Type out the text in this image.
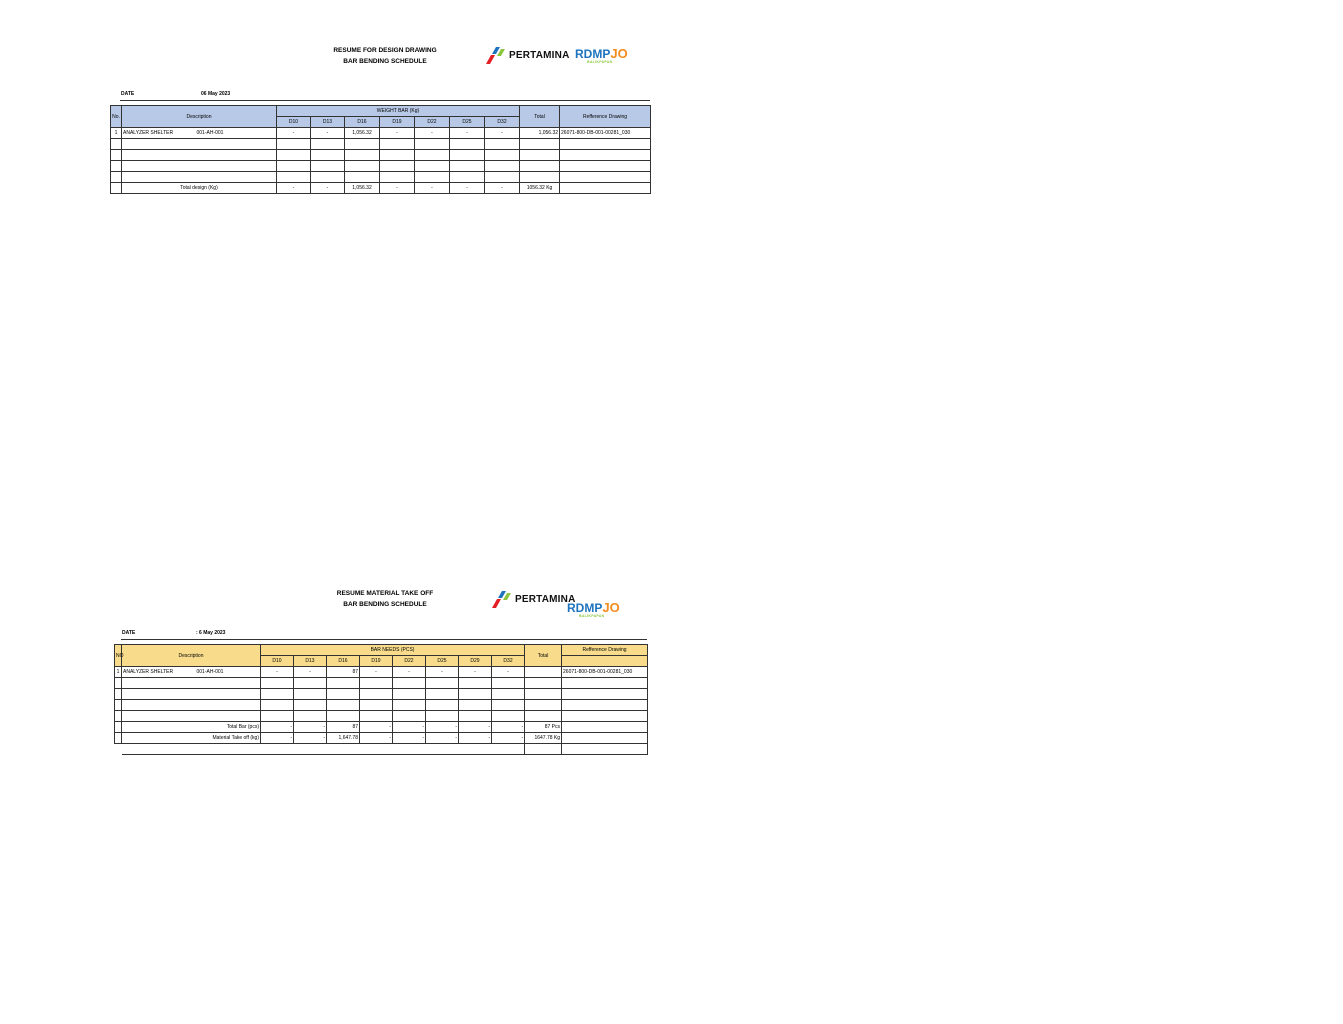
RESUME FOR DESIGN DRAWING
BAR BENDING SCHEDULE
PERTAMINA RDMPJO
BALIKPAPAN
DATE	06 May 2023
No.	Description	WEIGHT BAR (Kg)							Total	Refference Drawing
		D10	D13	D16	D19	D22	D25	D32		
1	ANALYZER SHELTER 001-AH-001	-	-	1,056.32	-	-	-	-	1,056.32	26071-800-DB-001-00281_030

	Total design (Kg)	-	-	1,056.32	-	-	-	-	1056.32 Kg	
RESUME MATERIAL TAKE OFF
BAR BENDING SCHEDULE	PERTAMINA
RDMPJO
BALIKPAPAN
DATE	: 6 May 2023
NO	Description	BAR NEEDS (PCS)								Total	Refference Drawing
		D10	D13	D16	D19	D22	D25	D29	D32		
1	ANALYZER SHELTER 001-AH-001	-	-	87	-	-	-	-	-		26071-800-DB-001-00281_030

	Total Bar (pcs)	-	-	87	-	-	-	-	-	87 Pcs	
	Material Take off (kg)	-	-	1,647.78	-	-	-	-	-	1647.78 Kg	
